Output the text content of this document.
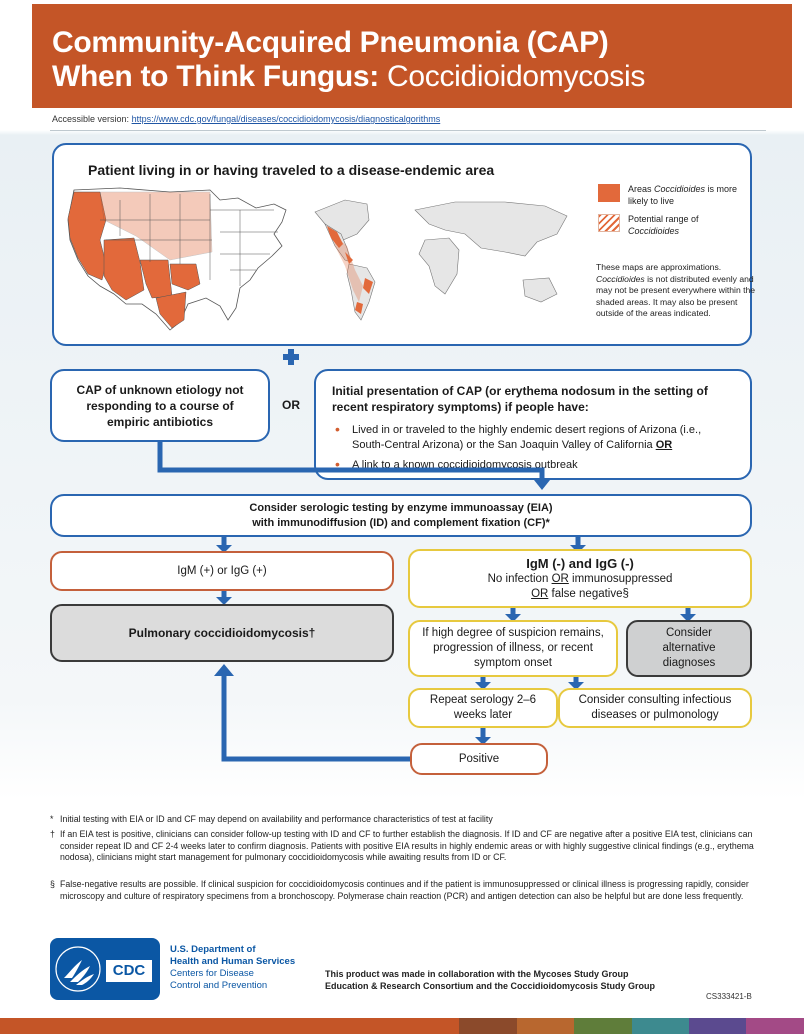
Community-Acquired Pneumonia (CAP)
When to Think Fungus: Coccidioidomycosis
Accessible version: https://www.cdc.gov/fungal/diseases/coccidioidomycosis/diagnosticalgorithms
Patient living in or having traveled to a disease-endemic area
Areas Coccidioides is more likely to live
Potential range of Coccidioides
These maps are approximations. Coccidioides is not distributed evenly and may not be present everywhere within the shaded areas. It may also be present outside of the areas indicated.
CAP of unknown etiology not responding to a course of empiric antibiotics
OR
Initial presentation of CAP (or erythema nodosum in the setting of recent respiratory symptoms) if people have:
• Lived in or traveled to the highly endemic desert regions of Arizona (i.e., South-Central Arizona) or the San Joaquin Valley of California OR
• A link to a known coccidioidomycosis outbreak
Consider serologic testing by enzyme immunoassay (EIA)
with immunodiffusion (ID) and complement fixation (CF)*
IgM (+) or IgG (+)	IgM (-) and IgG (-)
No infection OR immunosuppressed
OR false negative§
Pulmonary coccidioidomycosis†	If high degree of suspicion remains, progression of illness, or recent symptom onset
Consider alternative diagnoses
Repeat serology 2–6 weeks later
Consider consulting infectious diseases or pulmonology
Positive
* Initial testing with EIA or ID and CF may depend on availability and performance characteristics of test at facility
† If an EIA test is positive, clinicians can consider follow-up testing with ID and CF to further establish the diagnosis. If ID and CF are negative after a positive EIA test, clinicians can consider repeat ID and CF 2-4 weeks later to confirm diagnosis. Patients with positive EIA results in highly endemic areas or with highly suggestive clinical findings (e.g., erythema nodosa), clinicians might start management for pulmonary coccidioidomycosis while awaiting results from ID or CF.
§ False-negative results are possible. If clinical suspicion for coccidioidomycosis continues and if the patient is immunosuppressed or clinical illness is progressing rapidly, consider microscopy and culture of respiratory specimens from a bronchoscopy. Polymerase chain reaction (PCR) and antigen detection can also be helpful but are done less frequently.
CDC
U.S. Department of
Health and Human Services
Centers for Disease
Control and Prevention
This product was made in collaboration with the Mycoses Study Group
Education & Research Consortium and the Coccidioidomycosis Study Group
CS333421-B
